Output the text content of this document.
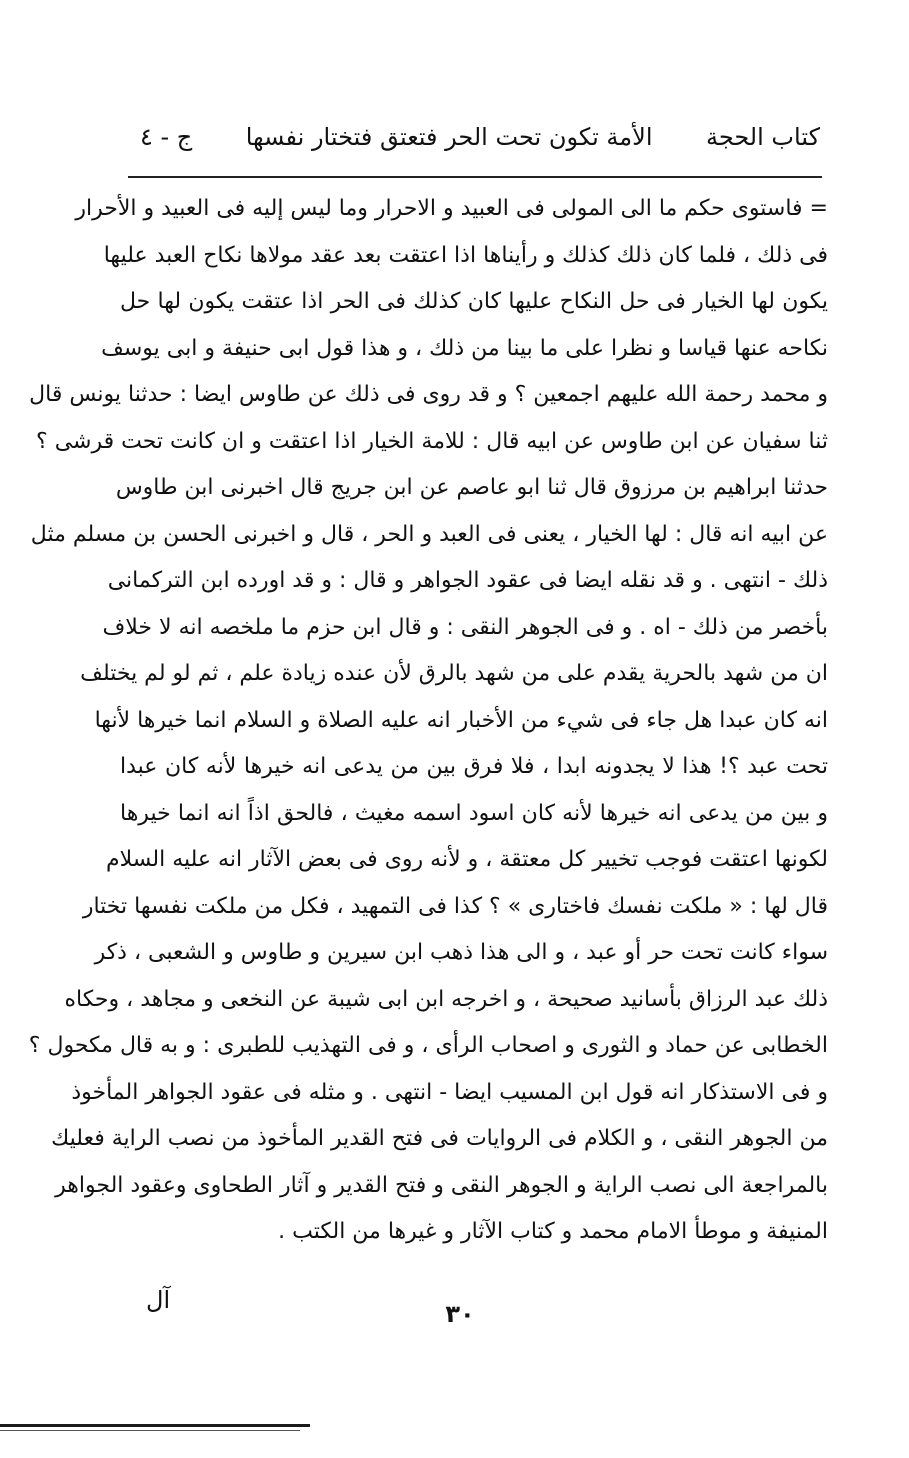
كتاب الحجة
الأمة تكون تحت الحر فتعتق فتختار نفسها
ج - ٤
= فاستوى حكم ما الى المولى فى العبيد و الاحرار وما ليس إليه فى العبيد و الأحرار
فى ذلك ، فلما كان ذلك كذلك و رأيناها اذا اعتقت بعد عقد مولاها نكاح العبد عليها
يكون لها الخيار فى حل النكاح عليها كان كذلك فى الحر اذا عتقت يكون لها حل
نكاحه عنها قياسا و نظرا على ما بينا من ذلك ، و هذا قول ابى حنيفة و ابى يوسف
و محمد رحمة الله عليهم اجمعين ؟ و قد روى فى ذلك عن طاوس ايضا : حدثنا يونس قال
ثنا سفيان عن ابن طاوس عن ابيه قال : للامة الخيار اذا اعتقت و ان كانت تحت قرشى ؟
حدثنا ابراهيم بن مرزوق قال ثنا ابو عاصم عن ابن جريج قال اخبرنى ابن طاوس
عن ابيه انه قال : لها الخيار ، يعنى فى العبد و الحر ، قال و اخبرنى الحسن بن مسلم مثل
ذلك - انتهى . و قد نقله ايضا فى عقود الجواهر و قال : و قد اورده ابن التركمانى
بأخصر من ذلك - اه . و فى الجوهر النقى : و قال ابن حزم ما ملخصه انه لا خلاف
ان من شهد بالحرية يقدم على من شهد بالرق لأن عنده زيادة علم ، ثم لو لم يختلف
انه كان عبدا هل جاء فى شيء من الأخبار انه عليه الصلاة و السلام انما خيرها لأنها
تحت عبد ؟! هذا لا يجدونه ابدا ، فلا فرق بين من يدعى انه خيرها لأنه كان عبدا
و بين من يدعى انه خيرها لأنه كان اسود اسمه مغيث ، فالحق اذاً انه انما خيرها
لكونها اعتقت فوجب تخيير كل معتقة ، و لأنه روى فى بعض الآثار انه عليه السلام
قال لها : « ملكت نفسك فاختارى » ؟ كذا فى التمهيد ، فكل من ملكت نفسها تختار
سواء كانت تحت حر أو عبد ، و الى هذا ذهب ابن سيرين و طاوس و الشعبى ، ذكر
ذلك عبد الرزاق بأسانيد صحيحة ، و اخرجه ابن ابى شيبة عن النخعى و مجاهد ، وحكاه
الخطابى عن حماد و الثورى و اصحاب الرأى ، و فى التهذيب للطبرى : و به قال مكحول ؟
و فى الاستذكار انه قول ابن المسيب ايضا - انتهى . و مثله فى عقود الجواهر المأخوذ
من الجوهر النقى ، و الكلام فى الروايات فى فتح القدير المأخوذ من نصب الراية فعليك
بالمراجعة الى نصب الراية و الجوهر النقى و فتح القدير و آثار الطحاوى وعقود الجواهر
المنيفة و موطأ الامام محمد و كتاب الآثار و غيرها من الكتب .
آل	٣٠
